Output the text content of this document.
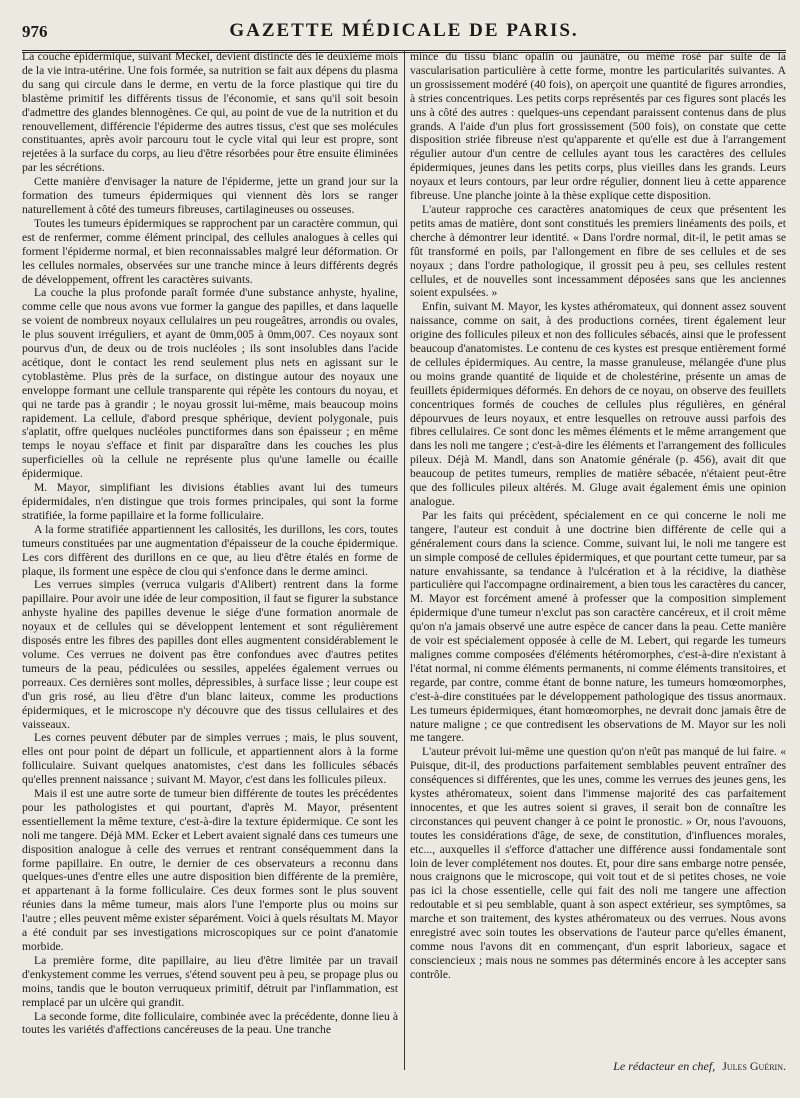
976	GAZETTE MÉDICALE DE PARIS.

La couche épidermique, suivant Meckel, devient distincte dès le deuxième mois de la vie intra-utérine. Une fois formée, sa nutrition se fait aux dépens du plasma du sang qui circule dans le derme, en vertu de la force plastique qui tire du blastème primitif les différents tissus de l'économie, et sans qu'il soit besoin d'admettre des glandes blennogènes. Ce qui, au point de vue de la nutrition et du renouvellement, différencie l'épiderme des autres tissus, c'est que ses molécules constituantes, après avoir parcouru tout le cycle vital qui leur est propre, sont rejetées à la surface du corps, au lieu d'être résorbées pour être ensuite éliminées par les sécrétions.

Cette manière d'envisager la nature de l'épiderme, jette un grand jour sur la formation des tumeurs épidermiques qui viennent dès lors se ranger naturellement à côté des tumeurs fibreuses, cartilagineuses ou osseuses.

Toutes les tumeurs épidermiques se rapprochent par un caractère commun, qui est de renfermer, comme élément principal, des cellules analogues à celles qui forment l'épiderme normal, et bien reconnaissables malgré leur déformation. Or les cellules normales, observées sur une tranche mince à leurs différents degrés de développement, offrent les caractères suivants.

La couche la plus profonde paraît formée d'une substance anhyste, hyaline, comme celle que nous avons vue former la gangue des papilles, et dans laquelle se voient de nombreux noyaux cellulaires un peu rougeâtres, arrondis ou ovales, le plus souvent irréguliers, et ayant de 0mm,005 à 0mm,007. Ces noyaux sont pourvus d'un, de deux ou de trois nucléoles ; ils sont insolubles dans l'acide acétique, dont le contact les rend seulement plus nets en agissant sur le cytoblastème. Plus près de la surface, on distingue autour des noyaux une enveloppe formant une cellule transparente qui répète les contours du noyau, et qui ne tarde pas à grandir ; le noyau grossit lui-même, mais beaucoup moins rapidement. La cellule, d'abord presque sphérique, devient polygonale, puis s'aplatit, offre quelques nucléoles punctiformes dans son épaisseur ; en même temps le noyau s'efface et finit par disparaître dans les couches les plus superficielles où la cellule ne représente plus qu'une lamelle ou écaille épidermique.

M. Mayor, simplifiant les divisions établies avant lui des tumeurs épidermidales, n'en distingue que trois formes principales, qui sont la forme stratifiée, la forme papillaire et la forme folliculaire.

A la forme stratifiée appartiennent les callosités, les durillons, les cors, toutes tumeurs constituées par une augmentation d'épaisseur de la couche épidermique. Les cors diffèrent des durillons en ce que, au lieu d'être étalés en forme de plaque, ils forment une espèce de clou qui s'enfonce dans le derme aminci.

Les verrues simples (verruca vulgaris d'Alibert) rentrent dans la forme papillaire. Pour avoir une idée de leur composition, il faut se figurer la substance anhyste hyaline des papilles devenue le siége d'une formation anormale de noyaux et de cellules qui se développent lentement et sont régulièrement disposés entre les fibres des papilles dont elles augmentent considérablement le volume. Ces verrues ne doivent pas être confondues avec d'autres petites tumeurs de la peau, pédiculées ou sessiles, appelées également verrues ou porreaux. Ces dernières sont molles, dépressibles, à surface lisse ; leur coupe est d'un gris rosé, au lieu d'être d'un blanc laiteux, comme les productions épidermiques, et le microscope n'y découvre que des tissus cellulaires et des vaisseaux.

Les cornes peuvent débuter par de simples verrues ; mais, le plus souvent, elles ont pour point de départ un follicule, et appartiennent alors à la forme folliculaire. Suivant quelques anatomistes, c'est dans les follicules sébacés qu'elles prennent naissance ; suivant M. Mayor, c'est dans les follicules pileux.

Mais il est une autre sorte de tumeur bien différente de toutes les précédentes pour les pathologistes et qui pourtant, d'après M. Mayor, présentent essentiellement la même texture, c'est-à-dire la texture épidermique. Ce sont les noli me tangere. Déjà MM. Ecker et Lebert avaient signalé dans ces tumeurs une disposition analogue à celle des verrues et rentrant conséquemment dans la forme papillaire. En outre, le dernier de ces observateurs a reconnu dans quelques-unes d'entre elles une autre disposition bien différente de la première, et appartenant à la forme folliculaire. Ces deux formes sont le plus souvent réunies dans la même tumeur, mais alors l'une l'emporte plus ou moins sur l'autre ; elles peuvent même exister séparément. Voici à quels résultats M. Mayor a été conduit par ses investigations microscopiques sur ce point d'anatomie morbide.

La première forme, dite papillaire, au lieu d'être limitée par un travail d'enkystement comme les verrues, s'étend souvent peu à peu, se propage plus ou moins, tandis que le bouton verruqueux primitif, détruit par l'inflammation, est remplacé par un ulcère qui grandit.

La seconde forme, dite folliculaire, combinée avec la précédente, donne lieu à toutes les variétés d'affections cancéreuses de la peau. Une tranche

mince du tissu blanc opalin ou jaunâtre, ou même rosé par suite de la vascularisation particulière à cette forme, montre les particularités suivantes. A un grossissement modéré (40 fois), on aperçoit une quantité de figures arrondies, à stries concentriques. Les petits corps représentés par ces figures sont placés les uns à côté des autres : quelques-uns cependant paraissent contenus dans de plus grands. A l'aide d'un plus fort grossissement (500 fois), on constate que cette disposition striée fibreuse n'est qu'apparente et qu'elle est due à l'arrangement régulier autour d'un centre de cellules ayant tous les caractères des cellules épidermiques, jeunes dans les petits corps, plus vieilles dans les grands. Leurs noyaux et leurs contours, par leur ordre régulier, donnent lieu à cette apparence fibreuse. Une planche jointe à la thèse explique cette disposition.

L'auteur rapproche ces caractères anatomiques de ceux que présentent les petits amas de matière, dont sont constitués les premiers linéaments des poils, et cherche à démontrer leur identité. « Dans l'ordre normal, dit-il, le petit amas se fût transformé en poils, par l'allongement en fibre de ses cellules et de ses noyaux ; dans l'ordre pathologique, il grossit peu à peu, ses cellules restent cellules, et de nouvelles sont incessamment déposées sans que les anciennes soient expulsées. »

Enfin, suivant M. Mayor, les kystes athéromateux, qui donnent assez souvent naissance, comme on sait, à des productions cornées, tirent également leur origine des follicules pileux et non des follicules sébacés, ainsi que le professent beaucoup d'anatomistes. Le contenu de ces kystes est presque entièrement formé de cellules épidermiques. Au centre, la masse granuleuse, mélangée d'une plus ou moins grande quantité de liquide et de cholestérine, présente un amas de feuillets épidermiques déformés. En dehors de ce noyau, on observe des feuillets concentriques formés de couches de cellules plus régulières, en général dépourvues de leurs noyaux, et entre lesquelles on retrouve aussi parfois des fibres cellulaires. Ce sont donc les mêmes éléments et le même arrangement que dans les noli me tangere ; c'est-à-dire les éléments et l'arrangement des follicules pileux. Déjà M. Mandl, dans son Anatomie générale (p. 456), avait dit que beaucoup de petites tumeurs, remplies de matière sébacée, n'étaient peut-être que des follicules pileux altérés. M. Gluge avait également émis une opinion analogue.

Par les faits qui précèdent, spécialement en ce qui concerne le noli me tangere, l'auteur est conduit à une doctrine bien différente de celle qui a généralement cours dans la science. Comme, suivant lui, le noli me tangere est un simple composé de cellules épidermiques, et que pourtant cette tumeur, par sa nature envahissante, sa tendance à l'ulcération et à la récidive, la diathèse particulière qui l'accompagne ordinairement, a bien tous les caractères du cancer, M. Mayor est forcément amené à professer que la composition simplement épidermique d'une tumeur n'exclut pas son caractère cancéreux, et il croit même qu'on n'a jamais observé une autre espèce de cancer dans la peau. Cette manière de voir est spécialement opposée à celle de M. Lebert, qui regarde les tumeurs malignes comme composées d'éléments hétéromorphes, c'est-à-dire n'existant à l'état normal, ni comme éléments permanents, ni comme éléments transitoires, et regarde, par contre, comme étant de bonne nature, les tumeurs homœomorphes, c'est-à-dire constituées par le développement pathologique des tissus anormaux. Les tumeurs épidermiques, étant homœomorphes, ne devrait donc jamais être de nature maligne ; ce que contredisent les observations de M. Mayor sur les noli me tangere.

L'auteur prévoit lui-même une question qu'on n'eût pas manqué de lui faire. « Puisque, dit-il, des productions parfaitement semblables peuvent entraîner des conséquences si différentes, que les unes, comme les verrues des jeunes gens, les kystes athéromateux, soient dans l'immense majorité des cas parfaitement innocentes, et que les autres soient si graves, il serait bon de connaître les circonstances qui peuvent changer à ce point le pronostic. » Or, nous l'avouons, toutes les considérations d'âge, de sexe, de constitution, d'influences morales, etc..., auxquelles il s'efforce d'attacher une différence aussi fondamentale sont loin de lever complétement nos doutes. Et, pour dire sans embarge notre pensée, nous craignons que le microscope, qui voit tout et de si petites choses, ne voie pas ici la chose essentielle, celle qui fait des noli me tangere une affection redoutable et si peu semblable, quant à son aspect extérieur, ses symptômes, sa marche et son traitement, des kystes athéromateux ou des verrues. Nous avons enregistré avec soin toutes les observations de l'auteur parce qu'elles émanent, comme nous l'avons dit en commençant, d'un esprit laborieux, sagace et consciencieux ; mais nous ne sommes pas déterminés encore à les accepter sans contrôle.

Le rédacteur en chef, Jules Guérin.
